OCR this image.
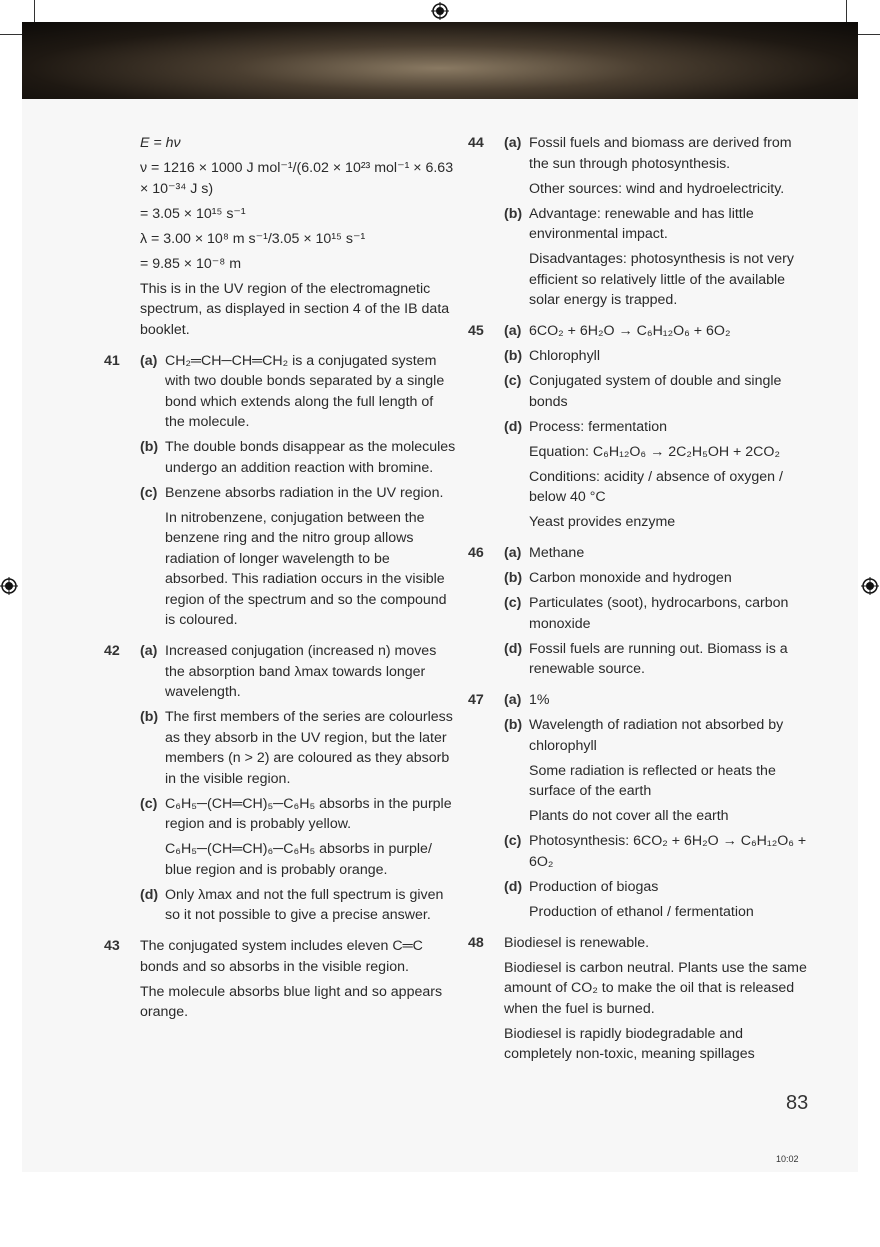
E = hν

ν = 1216 × 1000 J mol⁻¹/(6.02 × 10²³ mol⁻¹ × 6.63 × 10⁻³⁴ J s)

= 3.05 × 10¹⁵ s⁻¹

λ = 3.00 × 10⁸ m s⁻¹/3.05 × 10¹⁵ s⁻¹

= 9.85 × 10⁻⁸ m

This is in the UV region of the electromagnetic spectrum, as displayed in section 4 of the IB data booklet.

41 (a) CH₂═CH─CH═CH₂ is a conjugated system with two double bonds separated by a single bond which extends along the full length of the molecule.

(b) The double bonds disappear as the molecules undergo an addition reaction with bromine.

(c) Benzene absorbs radiation in the UV region.

In nitrobenzene, conjugation between the benzene ring and the nitro group allows radiation of longer wavelength to be absorbed. This radiation occurs in the visible region of the spectrum and so the compound is coloured.

42 (a) Increased conjugation (increased n) moves the absorption band λmax towards longer wavelength.

(b) The first members of the series are colourless as they absorb in the UV region, but the later members (n > 2) are coloured as they absorb in the visible region.

(c) C₆H₅─(CH═CH)₅─C₆H₅ absorbs in the purple region and is probably yellow.

C₆H₅─(CH═CH)₆─C₆H₅ absorbs in purple/ blue region and is probably orange.

(d) Only λmax and not the full spectrum is given so it not possible to give a precise answer.

43 The conjugated system includes eleven C═C bonds and so absorbs in the visible region.

The molecule absorbs blue light and so appears orange.

44 (a) Fossil fuels and biomass are derived from the sun through photosynthesis.

Other sources: wind and hydroelectricity.

(b) Advantage: renewable and has little environmental impact.

Disadvantages: photosynthesis is not very efficient so relatively little of the available solar energy is trapped.

45 (a) 6CO₂ + 6H₂O → C₆H₁₂O₆ + 6O₂

(b) Chlorophyll

(c) Conjugated system of double and single bonds

(d) Process: fermentation

Equation: C₆H₁₂O₆ → 2C₂H₅OH + 2CO₂

Conditions: acidity / absence of oxygen / below 40 °C

Yeast provides enzyme

46 (a) Methane

(b) Carbon monoxide and hydrogen

(c) Particulates (soot), hydrocarbons, carbon monoxide

(d) Fossil fuels are running out. Biomass is a renewable source.

47 (a) 1%

(b) Wavelength of radiation not absorbed by chlorophyll

Some radiation is reflected or heats the surface of the earth

Plants do not cover all the earth

(c) Photosynthesis: 6CO₂ + 6H₂O → C₆H₁₂O₆ + 6O₂

(d) Production of biogas

Production of ethanol / fermentation

48 Biodiesel is renewable.

Biodiesel is carbon neutral. Plants use the same amount of CO₂ to make the oil that is released when the fuel is burned.

Biodiesel is rapidly biodegradable and completely non-toxic, meaning spillages

83
10:02
